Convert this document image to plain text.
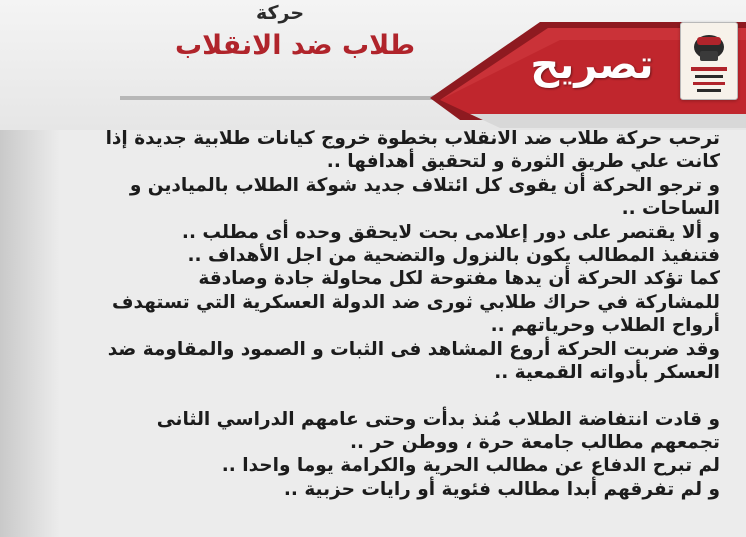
حركة
طلاب ضد الانقلاب	تصريح
ترحب حركة طلاب ضد الانقلاب بخطوة خروج كيانات طلابية جديدة إذا
كانت علي طريق الثورة و لتحقيق أهدافها ..
و ترجو الحركة أن يقوى كل ائتلاف جديد شوكة الطلاب بالميادين و
الساحات ..
و ألا يقتصر على دور إعلامى بحت لايحقق وحده أى مطلب ..
فتنفيذ المطالب يكون بالنزول والتضحية من اجل الأهداف ..
كما تؤكد الحركة أن يدها مفتوحة لكل محاولة جادة وصادقة
للمشاركة في حراك طلابي ثورى ضد الدولة العسكرية التي تستهدف
أرواح الطلاب وحرياتهم ..
وقد ضربت الحركة أروع المشاهد فى الثبات و الصمود والمقاومة ضد
العسكر بأدواته القمعية ..
و قادت انتفاضة الطلاب مُنذ بدأت وحتى عامهم الدراسي الثانى
تجمعهم مطالب جامعة حرة ، ووطن حر ..
لم تبرح الدفاع عن مطالب الحرية والكرامة يوما واحدا ..
و لم تفرقهم أبدا مطالب فئوية أو رايات حزبية ..
